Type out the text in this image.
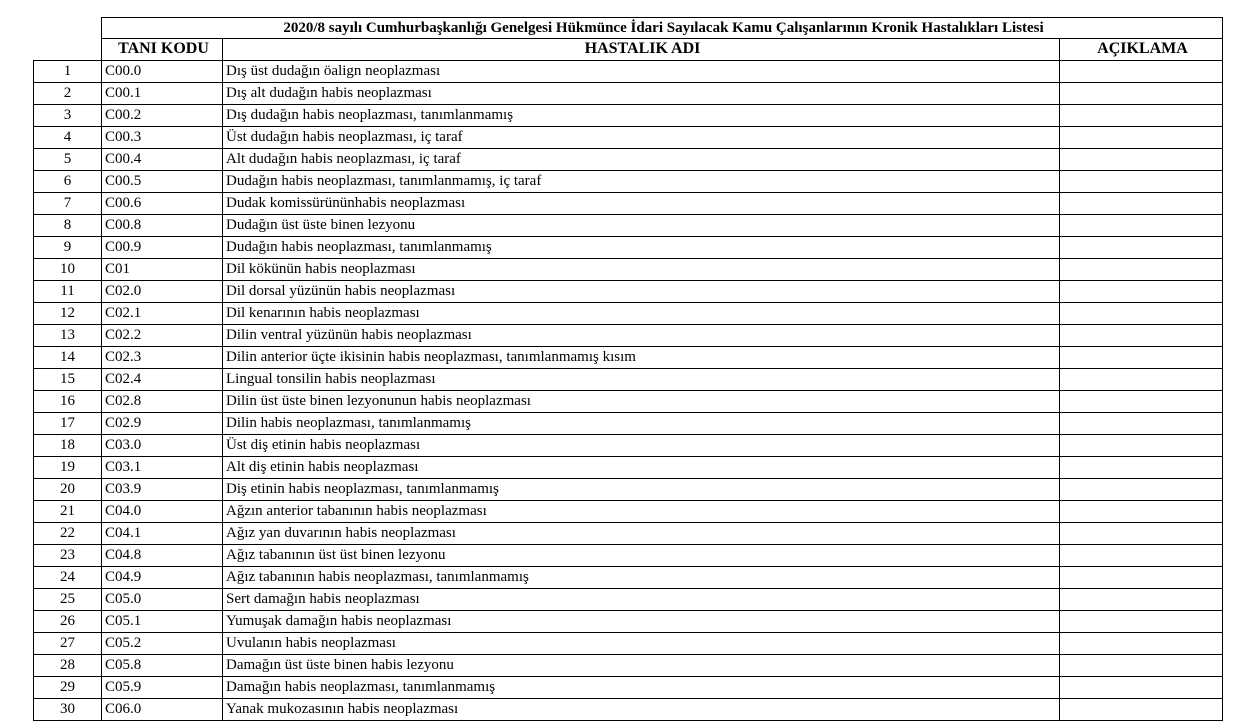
	2020/8 sayılı Cumhurbaşkanlığı Genelgesi Hükmünce İdari Sayılacak Kamu Çalışanlarının Kronik Hastalıkları Listesi		
	TANI KODU	HASTALIK ADI	AÇIKLAMA
1	C00.0	Dış üst dudağın öalign neoplazması	
2	C00.1	Dış alt dudağın habis neoplazması	
3	C00.2	Dış dudağın habis neoplazması, tanımlanmamış	
4	C00.3	Üst dudağın habis neoplazması, iç taraf	
5	C00.4	Alt dudağın habis neoplazması, iç taraf	
6	C00.5	Dudağın habis neoplazması, tanımlanmamış, iç taraf	
7	C00.6	Dudak komissürününhabis neoplazması	
8	C00.8	Dudağın üst üste binen lezyonu	
9	C00.9	Dudağın habis neoplazması, tanımlanmamış	
10	C01	Dil kökünün habis neoplazması	
11	C02.0	Dil dorsal yüzünün habis neoplazması	
12	C02.1	Dil kenarının habis neoplazması	
13	C02.2	Dilin ventral yüzünün habis neoplazması	
14	C02.3	Dilin anterior üçte ikisinin habis neoplazması, tanımlanmamış kısım	
15	C02.4	Lingual tonsilin habis neoplazması	
16	C02.8	Dilin üst üste binen lezyonunun habis neoplazması	
17	C02.9	Dilin habis neoplazması, tanımlanmamış	
18	C03.0	Üst diş etinin habis neoplazması	
19	C03.1	Alt diş etinin habis neoplazması	
20	C03.9	Diş etinin habis neoplazması, tanımlanmamış	
21	C04.0	Ağzın anterior tabanının habis neoplazması	
22	C04.1	Ağız yan duvarının habis neoplazması	
23	C04.8	Ağız tabanının üst üst binen lezyonu	
24	C04.9	Ağız tabanının habis neoplazması, tanımlanmamış	
25	C05.0	Sert damağın habis neoplazması	
26	C05.1	Yumuşak damağın habis neoplazması	
27	C05.2	Uvulanın habis neoplazması	
28	C05.8	Damağın üst üste binen habis lezyonu	
29	C05.9	Damağın habis neoplazması, tanımlanmamış	
30	C06.0	Yanak mukozasının habis neoplazması	
